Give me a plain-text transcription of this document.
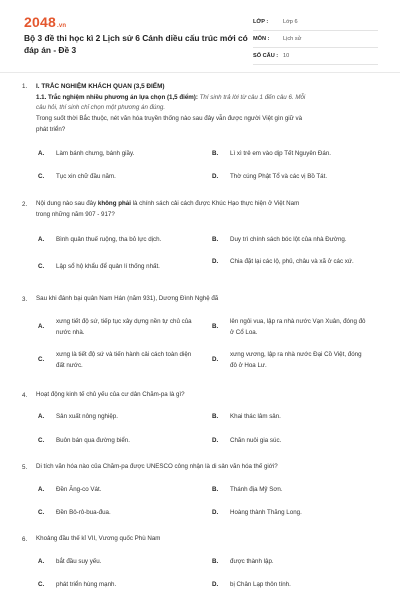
2048.vn
Bộ 3 đề thi học kì 2 Lịch sử 6 Cánh diều cấu trúc mới có đáp án - Đề 3
LỚP :	Lớp 6
MÔN :	Lịch sử
SỐ CÂU : 10
1. I. TRẮC NGHIỆM KHÁCH QUAN (3,5 ĐIỂM)
1.1. Trắc nghiệm nhiều phương án lựa chọn (1,5 điểm): Thí sinh trả lời từ câu 1 đến câu 6. Mỗi
câu hỏi, thí sinh chỉ chọn một phương án đúng.
Trong suốt thời Bắc thuộc, nét văn hóa truyền thống nào sau đây vẫn được người Việt gìn giữ và
phát triển?
A.	Làm bánh chưng, bánh giầy.	B.	Lì xì trẻ em vào dịp Tết Nguyên Đán.
C.	Tục xin chữ đầu năm.	D.	Thờ cúng Phật Tổ và các vị Bồ Tát.
2. Nội dung nào sau đây không phải là chính sách cải cách được Khúc Hạo thực hiện ở Việt Nam
trong những năm 907 - 917?
A.	Bình quân thuế ruộng, tha bỏ lực dịch.	B.	Duy trì chính sách bóc lột của nhà Đường.
C.	Lập sổ hộ khẩu để quản lí thống nhất.
D.	Chia đặt lại các lộ, phủ, châu và xã ở các xứ.
3. Sau khi đánh bại quân Nam Hán (năm 931), Dương Đình Nghệ đã
A.
xưng tiết độ sứ, tiếp tục xây dựng nền tự chủ của nước nhà.
B.
lên ngôi vua, lập ra nhà nước Vạn Xuân, đóng đô ở Cổ Loa.
C.
xưng là tiết độ sứ và tiến hành cải cách toàn diện đất nước.
D.
xưng vương, lập ra nhà nước Đại Cồ Việt, đóng đô ở Hoa Lư.
4. Hoạt động kinh tế chủ yếu của cư dân Chăm-pa là gì?
A.	Sản xuất nông nghiệp.	B.	Khai thác lâm sản.
C.	Buôn bán qua đường biển.	D.	Chăn nuôi gia súc.
5. Di tích văn hóa nào của Chăm-pa được UNESCO công nhận là di sản văn hóa thế giới?
A.	Đền Ăng-co Vát.	B.	Thánh địa Mỹ Sơn.
C.	Đền Bô-rô-bua-đua.	D.	Hoàng thành Thăng Long.
6. Khoảng đầu thế kỉ VII, Vương quốc Phù Nam
A.	bắt đầu suy yếu.	B.	được thành lập.
C.	phát triển hùng mạnh.	D.	bị Chân Lạp thôn tính.
